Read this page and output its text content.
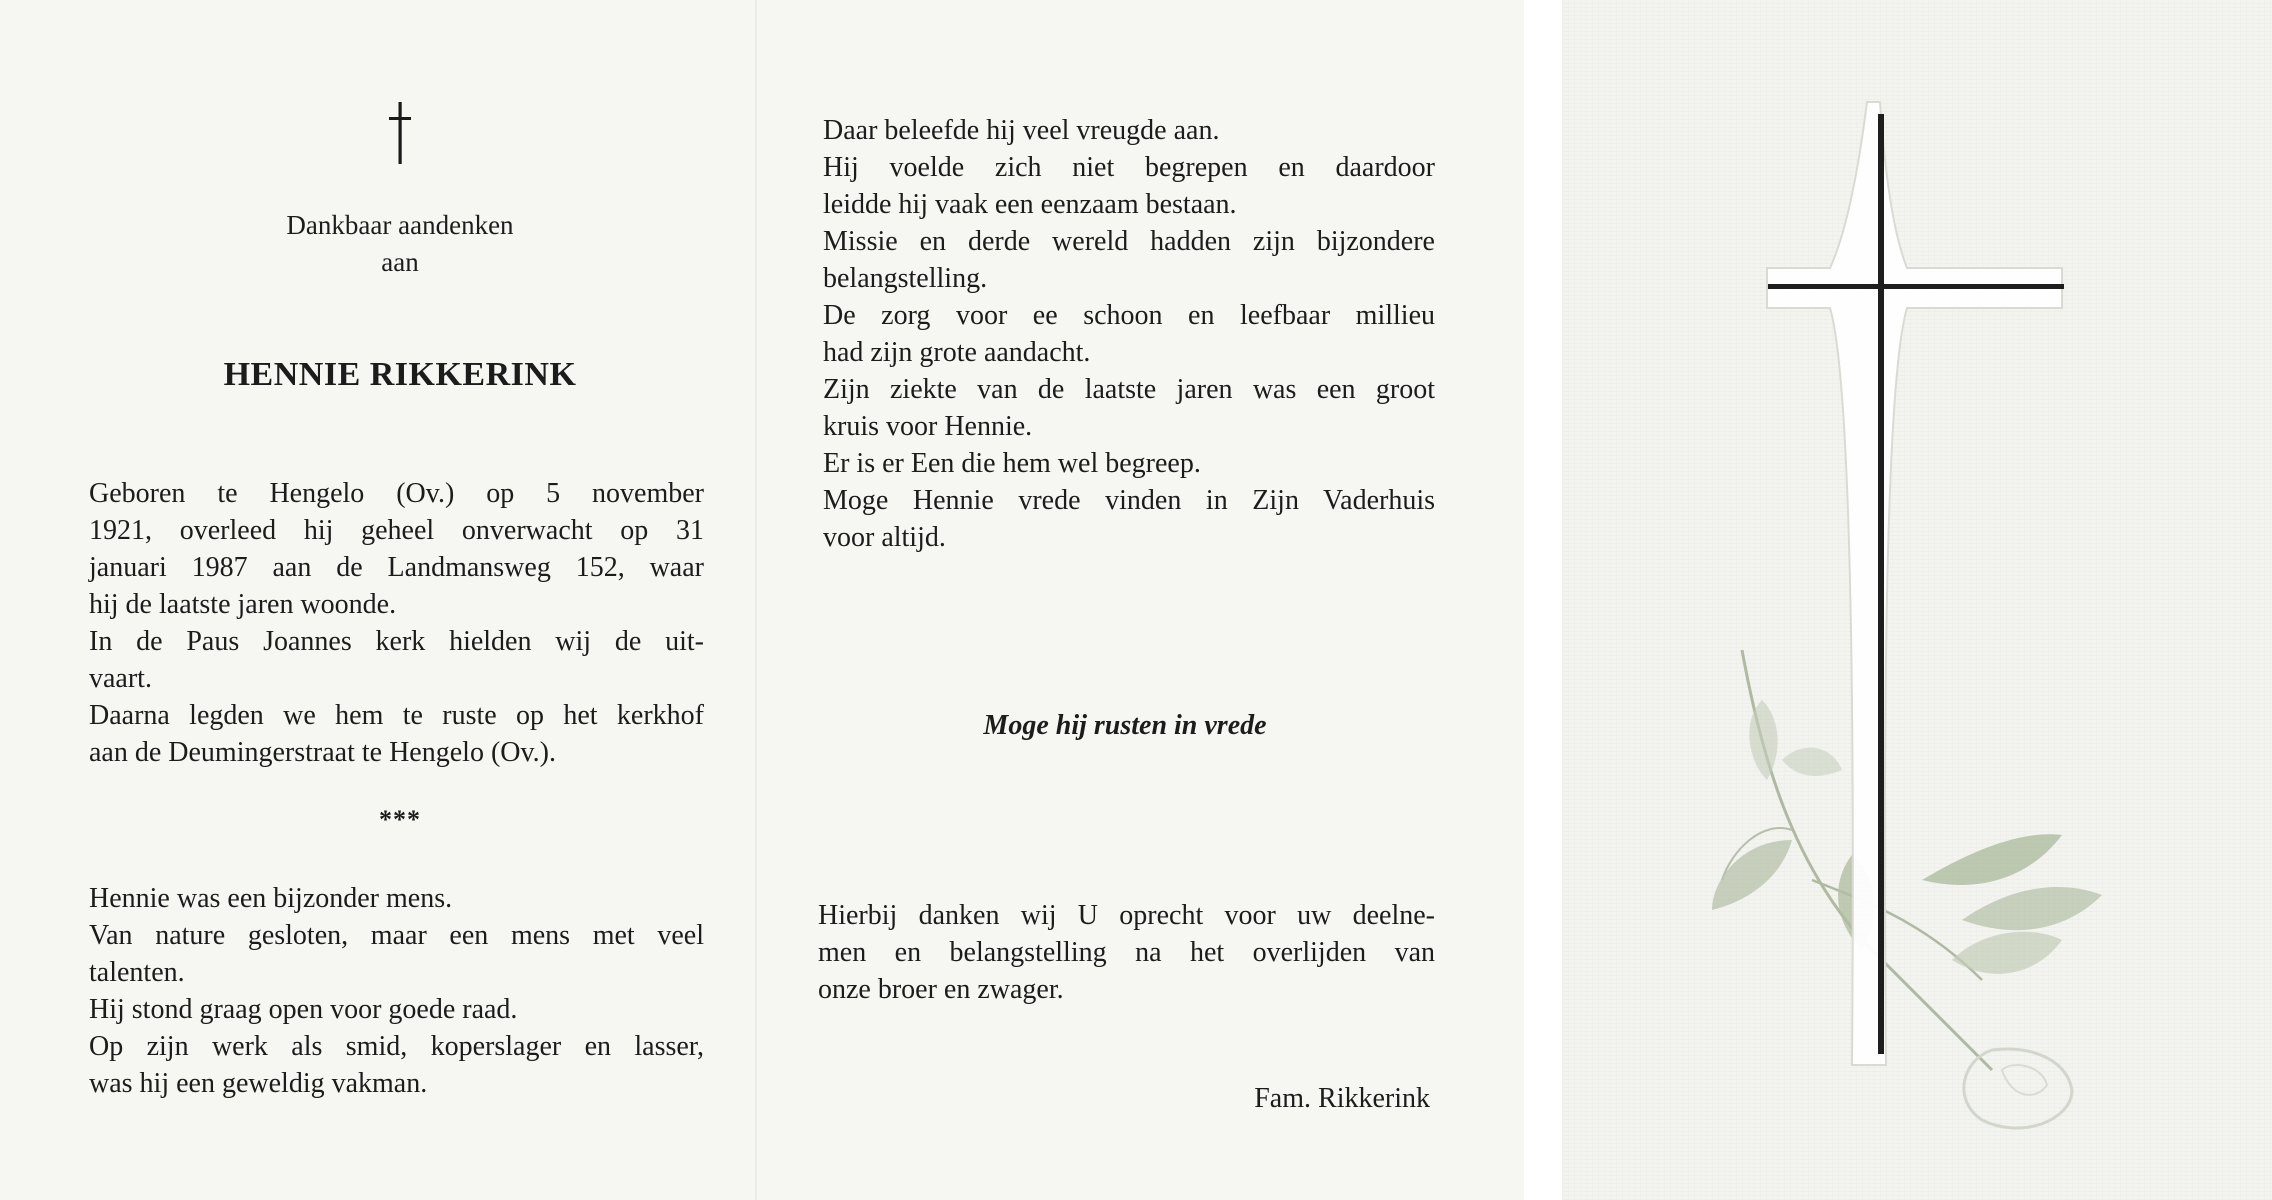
Dankbaar aandenken
aan
HENNIE RIKKERINK
Geboren te Hengelo (Ov.) op 5 november
1921, overleed hij geheel onverwacht op 31
januari 1987 aan de Landmansweg 152, waar
hij de laatste jaren woonde.
In de Paus Joannes kerk hielden wij de uit-
vaart.
Daarna legden we hem te ruste op het kerkhof
aan de Deumingerstraat te Hengelo (Ov.).
***
Hennie was een bijzonder mens.
Van nature gesloten, maar een mens met veel
talenten.
Hij stond graag open voor goede raad.
Op zijn werk als smid, koperslager en lasser,
was hij een geweldig vakman.
Daar beleefde hij veel vreugde aan.
Hij voelde zich niet begrepen en daardoor
leidde hij vaak een eenzaam bestaan.
Missie en derde wereld hadden zijn bijzondere
belangstelling.
De zorg voor ee schoon en leefbaar millieu
had zijn grote aandacht.
Zijn ziekte van de laatste jaren was een groot
kruis voor Hennie.
Er is er Een die hem wel begreep.
Moge Hennie vrede vinden in Zijn Vaderhuis
voor altijd.
Moge hij rusten in vrede
Hierbij danken wij U oprecht voor uw deelne-
men en belangstelling na het overlijden van
onze broer en zwager.
Fam. Rikkerink
